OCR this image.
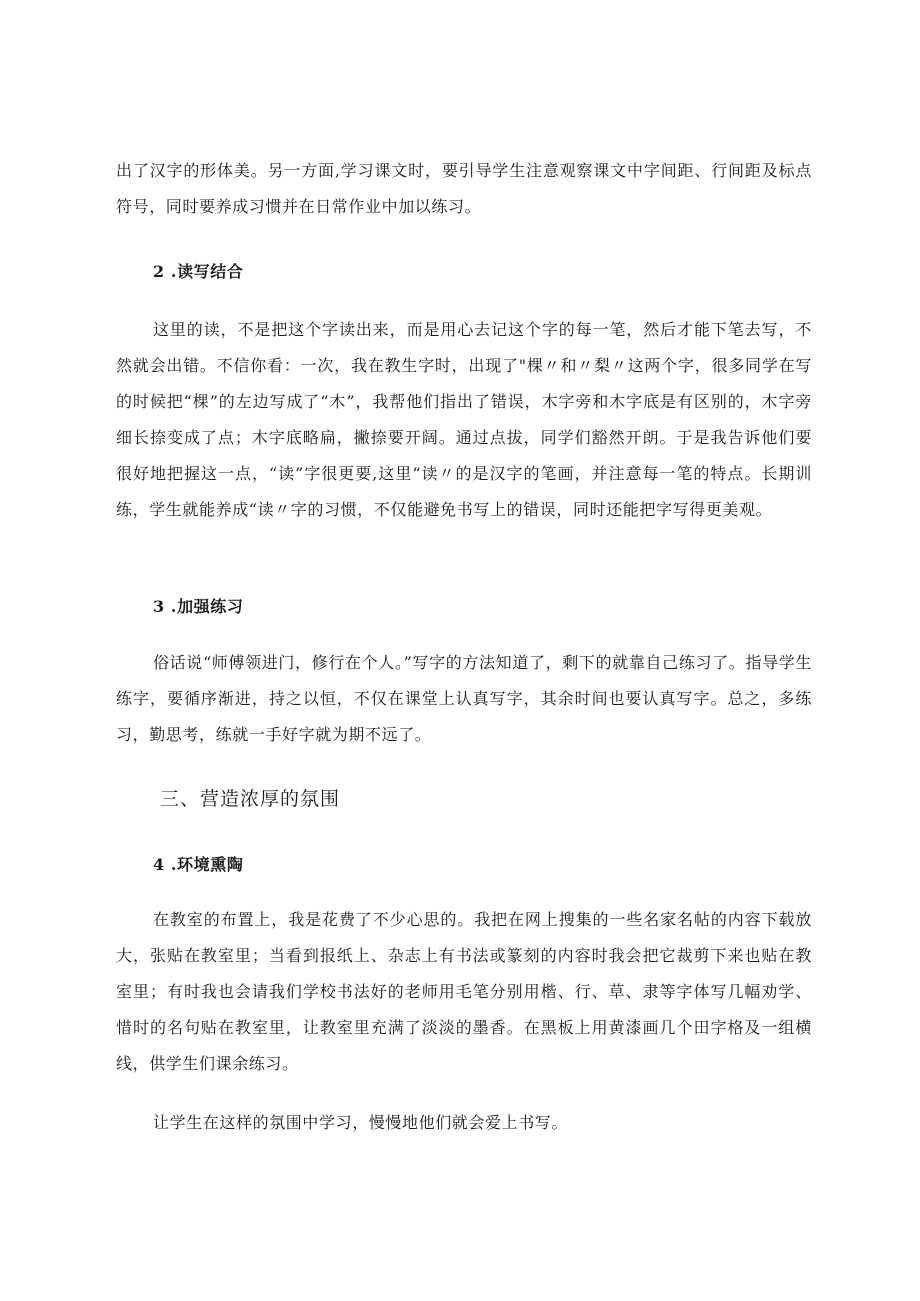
出了汉字的形体美。另一方面,学习课文时，要引导学生注意观察课文中字间距、行间距及标点符号，同时要养成习惯并在日常作业中加以练习。

2 .读写结合

这里的读，不是把这个字读出来，而是用心去记这个字的每一笔，然后才能下笔去写，不然就会出错。不信你看：一次，我在教生字时，出现了"棵〃和〃梨〃这两个字，很多同学在写的时候把“棵”的左边写成了“木”，我帮他们指出了错误，木字旁和木字底是有区别的，木字旁细长捺变成了点；木字底略扁，撇捺要开阔。通过点拔，同学们豁然开朗。于是我告诉他们要很好地把握这一点，“读”字很更要,这里“读〃的是汉字的笔画，并注意每一笔的特点。长期训练，学生就能养成“读〃字的习惯，不仅能避免书写上的错误，同时还能把字写得更美观。

3 .加强练习

俗话说“师傅领进门，修行在个人。”写字的方法知道了，剩下的就靠自己练习了。指导学生练字，要循序渐进，持之以恒，不仅在课堂上认真写字，其余时间也要认真写字。总之，多练习，勤思考，练就一手好字就为期不远了。

三、营造浓厚的氛围
4 .环境熏陶

在教室的布置上，我是花费了不少心思的。我把在网上搜集的一些名家名帖的内容下载放大，张贴在教室里；当看到报纸上、杂志上有书法或篆刻的内容时我会把它裁剪下来也贴在教室里；有时我也会请我们学校书法好的老师用毛笔分别用楷、行、草、隶等字体写几幅劝学、惜时的名句贴在教室里，让教室里充满了淡淡的墨香。在黑板上用黄漆画几个田字格及一组横线，供学生们课余练习。

让学生在这样的氛围中学习，慢慢地他们就会爱上书写。
